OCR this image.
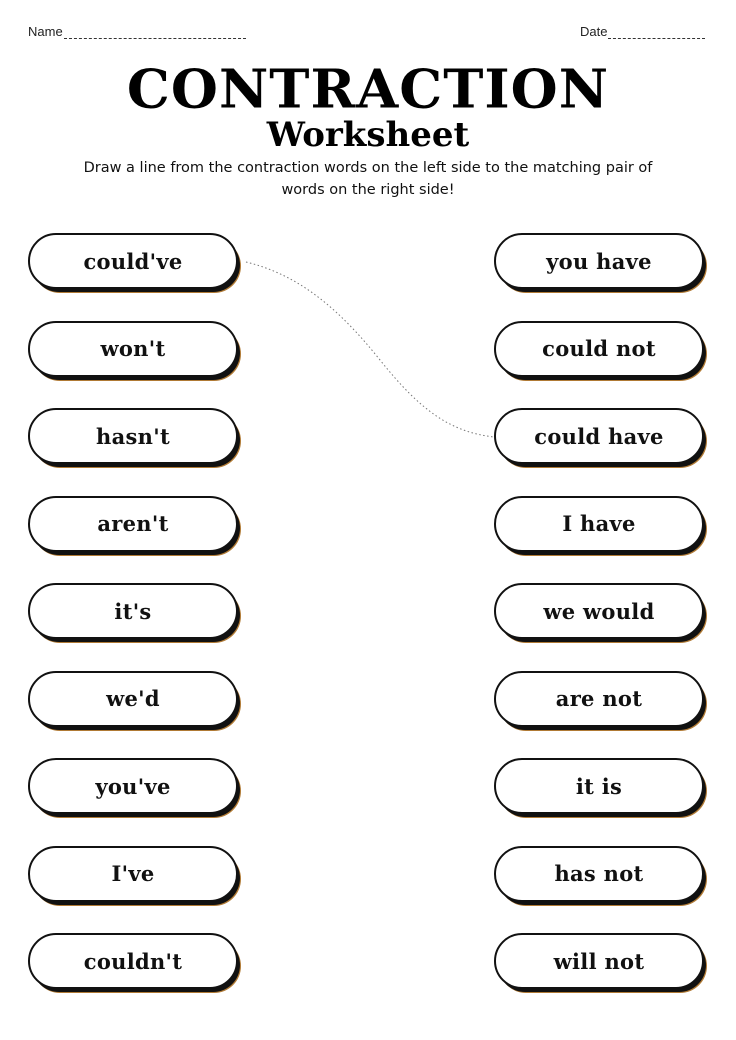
Name	Date
CONTRACTION
Worksheet
Draw a line from the contraction words on the left side to the matching pair of words on the right side!
could've
won't
hasn't
aren't
it's
we'd
you've
I've
couldn't
you have
could not
could have
I have
we would
are not
it is
has not
will not
